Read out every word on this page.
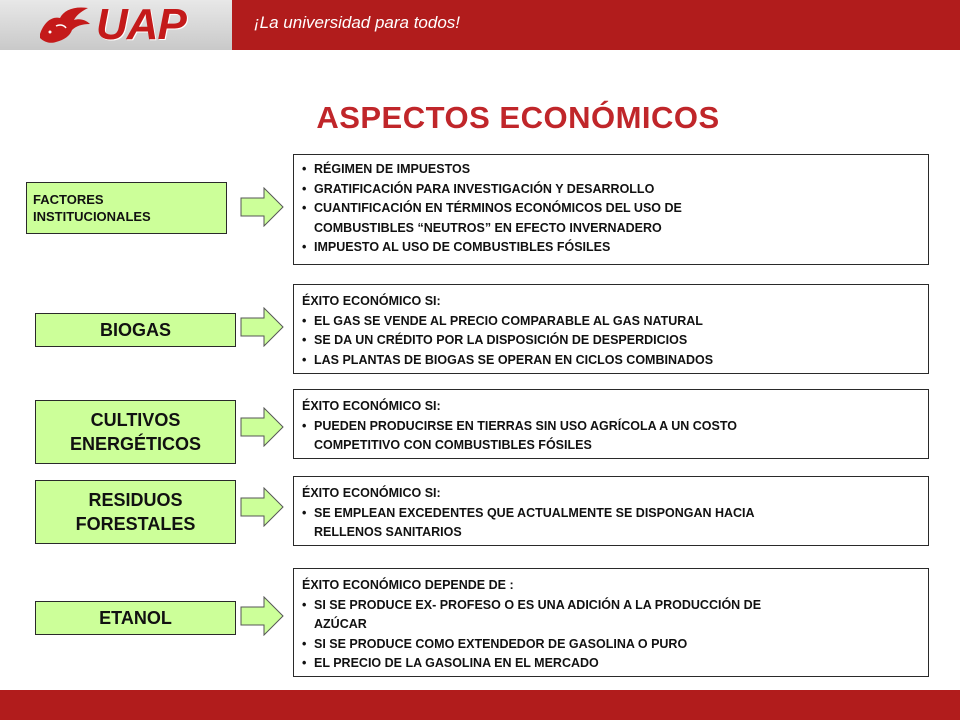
UAP	¡La universidad para todos!
ASPECTOS ECONÓMICOS
FACTORES
INSTITUCIONALES
• RÉGIMEN DE IMPUESTOS
• GRATIFICACIÓN PARA INVESTIGACIÓN Y DESARROLLO
• CUANTIFICACIÓN EN TÉRMINOS ECONÓMICOS DEL USO DE
COMBUSTIBLES “NEUTROS” EN EFECTO INVERNADERO
• IMPUESTO AL USO DE COMBUSTIBLES FÓSILES
BIOGAS
ÉXITO ECONÓMICO SI:
• EL GAS SE VENDE AL PRECIO COMPARABLE AL GAS NATURAL
• SE DA UN CRÉDITO POR LA DISPOSICIÓN DE DESPERDICIOS
• LAS PLANTAS DE BIOGAS SE OPERAN EN CICLOS COMBINADOS
CULTIVOS
ENERGÉTICOS
ÉXITO ECONÓMICO SI:
• PUEDEN PRODUCIRSE EN TIERRAS SIN USO AGRÍCOLA A UN COSTO
COMPETITIVO CON COMBUSTIBLES FÓSILES
RESIDUOS
FORESTALES
ÉXITO ECONÓMICO SI:
• SE EMPLEAN EXCEDENTES QUE ACTUALMENTE SE DISPONGAN HACIA
RELLENOS SANITARIOS
ETANOL
ÉXITO ECONÓMICO DEPENDE DE :
• SI SE PRODUCE EX- PROFESO O ES UNA ADICIÓN A LA PRODUCCIÓN DE
AZÚCAR
• SI SE PRODUCE COMO EXTENDEDOR DE GASOLINA O PURO
• EL PRECIO DE LA GASOLINA EN EL MERCADO
